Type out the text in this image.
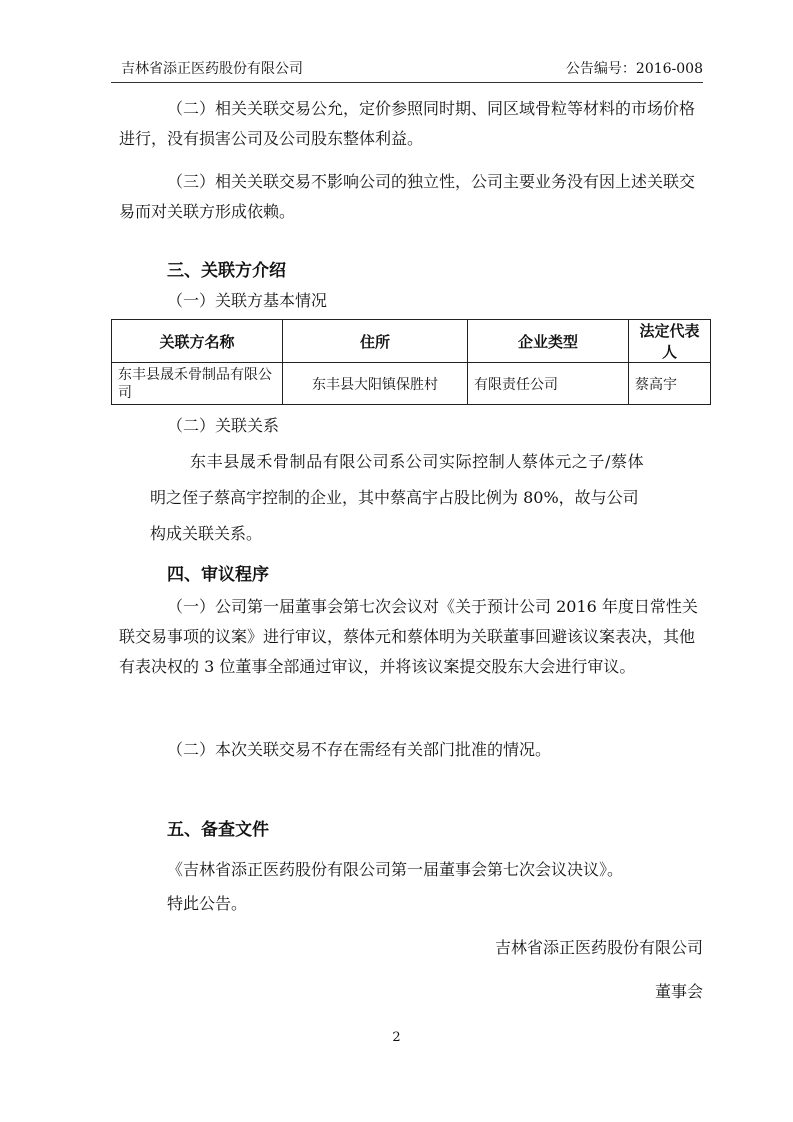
吉林省添正医药股份有限公司	公告编号：2016-008
（二）相关关联交易公允，定价参照同时期、同区域骨粒等材料的市场价格进行，没有损害公司及公司股东整体利益。
（三）相关关联交易不影响公司的独立性，公司主要业务没有因上述关联交易而对关联方形成依赖。
三、关联方介绍
（一）关联方基本情况
关联方名称	住所	企业类型	法定代表人
东丰县晟禾骨制品有限公司	东丰县大阳镇保胜村	有限责任公司	蔡高宇
（二）关联关系
东丰县晟禾骨制品有限公司系公司实际控制人蔡体元之子/蔡体
明之侄子蔡高宇控制的企业，其中蔡高宇占股比例为 80%，故与公司
构成关联关系。
四、审议程序
（一）公司第一届董事会第七次会议对《关于预计公司 2016 年度日常性关联交易事项的议案》进行审议，蔡体元和蔡体明为关联董事回避该议案表决，其他有表决权的 3 位董事全部通过审议，并将该议案提交股东大会进行审议。
（二）本次关联交易不存在需经有关部门批准的情况。
五、备查文件
《吉林省添正医药股份有限公司第一届董事会第七次会议决议》。
特此公告。
吉林省添正医药股份有限公司
董事会
2
